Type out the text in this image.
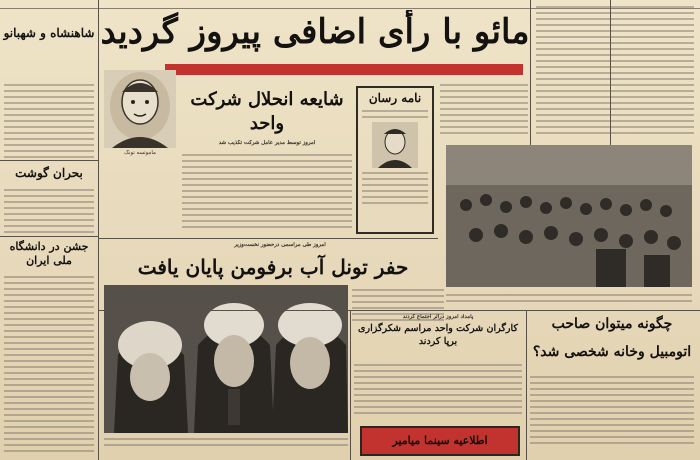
مائو با رأى اضافى پيروز گرديد
شاهنشاه و شهبانو
بحران گوشت
جشن در دانشگاه ملى ايران
ماموتسه تونگ
شايعه انحلال شركت واحد
امروز توسط مدير عامل شركت تكذيب شد
نامه رسان
امروز طى مراسمى درحضور نخست‌وزير
حفر تونل آب برفومن پايان يافت
پامداد امروز دراثر اجتماع كردند
كارگران شركت واحد مراسم شكرگزارى برپا كردند
اطلاعيه سينما ميامير
چگونه ميتوان صاحب
اتومبيل وخانه شخصى شد؟
